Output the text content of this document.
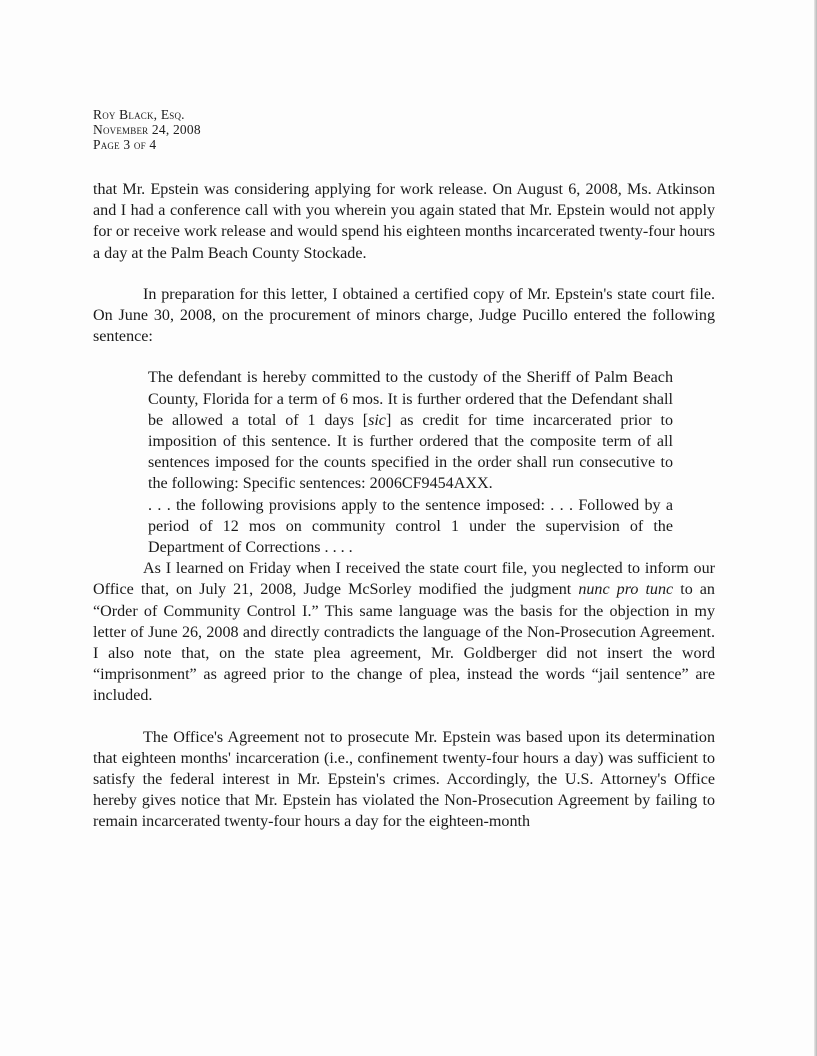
Roy Black, Esq.
November 24, 2008
Page 3 of 4

that Mr. Epstein was considering applying for work release. On August 6, 2008, Ms. Atkinson and I had a conference call with you wherein you again stated that Mr. Epstein would not apply for or receive work release and would spend his eighteen months incarcerated twenty-four hours a day at the Palm Beach County Stockade.

In preparation for this letter, I obtained a certified copy of Mr. Epstein's state court file. On June 30, 2008, on the procurement of minors charge, Judge Pucillo entered the following sentence:

The defendant is hereby committed to the custody of the Sheriff of Palm Beach County, Florida for a term of 6 mos. It is further ordered that the Defendant shall be allowed a total of 1 days [sic] as credit for time incarcerated prior to imposition of this sentence. It is further ordered that the composite term of all sentences imposed for the counts specified in the order shall run consecutive to the following: Specific sentences: 2006CF9454AXX.

. . . the following provisions apply to the sentence imposed: . . . Followed by a period of 12 mos on community control 1 under the supervision of the Department of Corrections . . . .

As I learned on Friday when I received the state court file, you neglected to inform our Office that, on July 21, 2008, Judge McSorley modified the judgment nunc pro tunc to an “Order of Community Control I.” This same language was the basis for the objection in my letter of June 26, 2008 and directly contradicts the language of the Non-Prosecution Agreement. I also note that, on the state plea agreement, Mr. Goldberger did not insert the word “imprisonment” as agreed prior to the change of plea, instead the words “jail sentence” are included.

The Office's Agreement not to prosecute Mr. Epstein was based upon its determination that eighteen months' incarceration (i.e., confinement twenty-four hours a day) was sufficient to satisfy the federal interest in Mr. Epstein's crimes. Accordingly, the U.S. Attorney's Office hereby gives notice that Mr. Epstein has violated the Non-Prosecution Agreement by failing to remain incarcerated twenty-four hours a day for the eighteen-month
